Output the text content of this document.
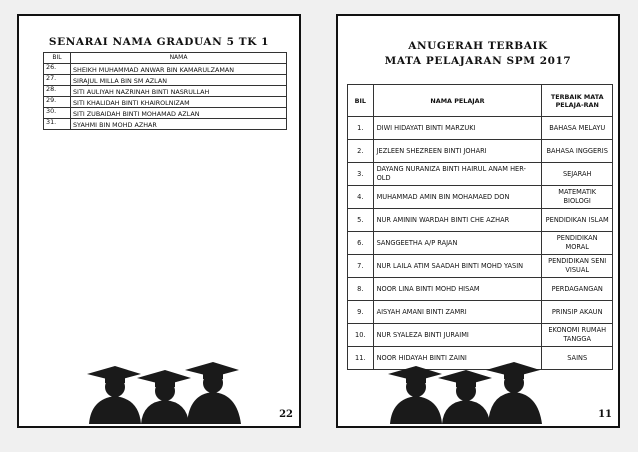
SENARAI NAMA GRADUAN 5 TK 1
BIL	NAMA
26.	SHEIKH MUHAMMAD ANWAR BIN KAMARULZAMAN
27.	SIRAJUL MILLA BIN SM AZLAN
28.	SITI AULIYAH NAZRINAH BINTI NASRULLAH
29.	SITI KHALIDAH BINTI KHAIROLNIZAM
30.	SITI ZUBAIDAH BINTI MOHAMAD AZLAN
31.	SYAHMI BIN MOHD AZHAR
22
ANUGERAH TERBAIK
MATA PELAJARAN SPM 2017
BIL	NAMA PELAJAR	TERBAIK MATA PELAJA-RAN
1.	DIWI HIDAYATI BINTI MARZUKI	BAHASA MELAYU
2.	JEZLEEN SHEZREEN BINTI JOHARI	BAHASA INGGERIS
3.	DAYANG NURANIZA BINTI HAIRUL ANAM HER-OLD	SEJARAH
4.	MUHAMMAD AMIN BIN MOHAMAED DON	MATEMATIK BIOLOGI
5.	NUR AMININ WARDAH BINTI CHE AZHAR	PENDIDIKAN ISLAM
6.	SANGGEETHA A/P RAJAN	PENDIDIKAN MORAL
7.	NUR LAILA ATIM SAADAH BINTI MOHD YASIN	PENDIDIKAN SENI VISUAL
8.	NOOR LINA BINTI MOHD HISAM	PERDAGANGAN
9.	AISYAH AMANI BINTI ZAMRI	PRINSIP AKAUN
10.	NUR SYALEZA BINTI JURAIMI	EKONOMI RUMAH TANGGA
11.	NOOR HIDAYAH BINTI ZAINI	SAINS
11
